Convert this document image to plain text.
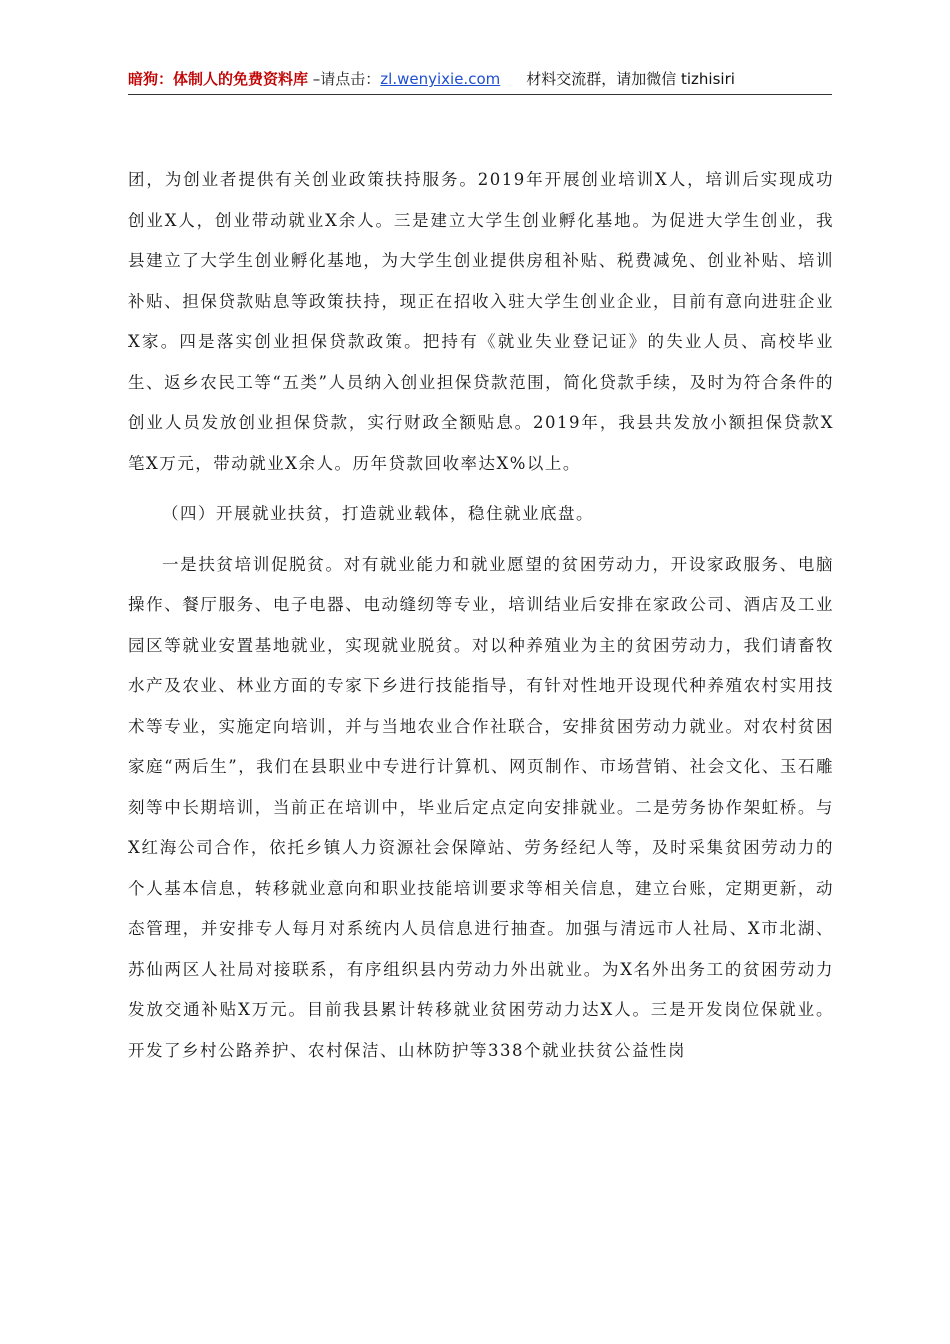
暗狗：体制人的免费资料库 –请点击：zl.wenyixie.com 材料交流群，请加微信 tizhisiri

团，为创业者提供有关创业政策扶持服务。2019年开展创业培训X人，培训后实现成功创业X人，创业带动就业X余人。三是建立大学生创业孵化基地。为促进大学生创业，我县建立了大学生创业孵化基地，为大学生创业提供房租补贴、税费减免、创业补贴、培训补贴、担保贷款贴息等政策扶持，现正在招收入驻大学生创业企业，目前有意向进驻企业X家。四是落实创业担保贷款政策。把持有《就业失业登记证》的失业人员、高校毕业生、返乡农民工等“五类”人员纳入创业担保贷款范围，简化贷款手续，及时为符合条件的创业人员发放创业担保贷款，实行财政全额贴息。2019年，我县共发放小额担保贷款X笔X万元，带动就业X余人。历年贷款回收率达X%以上。

（四）开展就业扶贫，打造就业载体，稳住就业底盘。

一是扶贫培训促脱贫。对有就业能力和就业愿望的贫困劳动力，开设家政服务、电脑操作、餐厅服务、电子电器、电动缝纫等专业，培训结业后安排在家政公司、酒店及工业园区等就业安置基地就业，实现就业脱贫。对以种养殖业为主的贫困劳动力，我们请畜牧水产及农业、林业方面的专家下乡进行技能指导，有针对性地开设现代种养殖农村实用技术等专业，实施定向培训，并与当地农业合作社联合，安排贫困劳动力就业。对农村贫困家庭“两后生”，我们在县职业中专进行计算机、网页制作、市场营销、社会文化、玉石雕刻等中长期培训，当前正在培训中，毕业后定点定向安排就业。二是劳务协作架虹桥。与X红海公司合作，依托乡镇人力资源社会保障站、劳务经纪人等，及时采集贫困劳动力的个人基本信息，转移就业意向和职业技能培训要求等相关信息，建立台账，定期更新，动态管理，并安排专人每月对系统内人员信息进行抽查。加强与清远市人社局、X市北湖、苏仙两区人社局对接联系，有序组织县内劳动力外出就业。为X名外出务工的贫困劳动力发放交通补贴X万元。目前我县累计转移就业贫困劳动力达X人。三是开发岗位保就业。开发了乡村公路养护、农村保洁、山林防护等338个就业扶贫公益性岗
